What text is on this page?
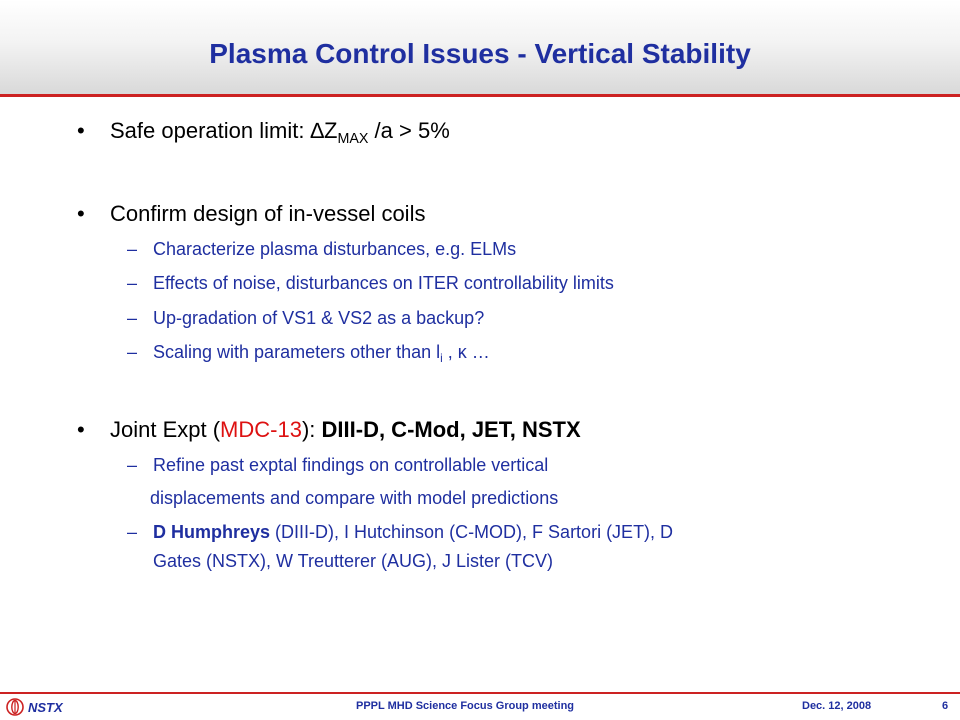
Plasma Control Issues - Vertical Stability
• Safe operation limit: $\Delta Z_{MAX}$ /a > 5%
• Confirm design of in-vessel coils
– Characterize plasma disturbances, e.g. ELMs
– Effects of noise, disturbances on ITER controllability limits
– Up-gradation of VS1 & VS2 as a backup?
– Scaling with parameters other than $l_i$ , κ …
• Joint Expt (MDC-13): DIII-D, C-Mod, JET, NSTX
– Refine past exptal findings on controllable vertical
displacements and compare with model predictions
– D Humphreys (DIII-D), I Hutchinson (C-MOD), F Sartori (JET), D
Gates (NSTX), W Treutterer (AUG), J Lister (TCV)
NSTX	PPPL MHD Science Focus Group meeting	Dec. 12, 2008	6
